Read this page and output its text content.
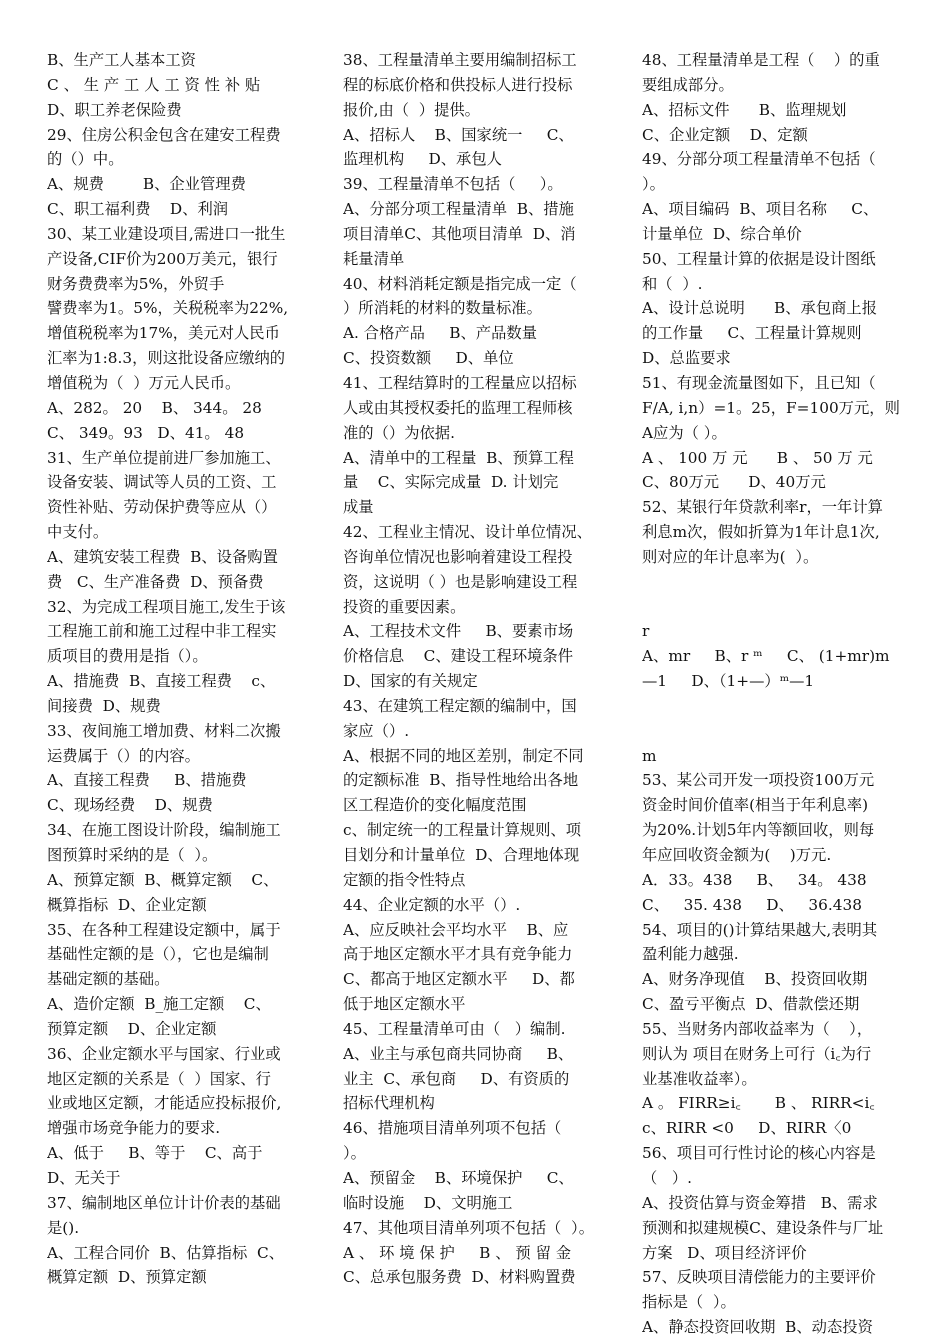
B、生产工人基本工资
C 、 生 产 工 人 工 资 性 补 贴
D、职工养老保险费
29、住房公积金包含在建安工程费
的（）中。
A、规费        B、企业管理费
C、职工福利费    D、利润
30、某工业建设项目,需进口一批生
产设备,CIF价为200万美元，银行
财务费费率为5%，外贸手
譬费率为1。5%，关税税率为22%,
增值税税率为17%，美元对人民币
汇率为1:8.3，则这批设备应缴纳的
增值税为（  ）万元人民币。
A、282。 20    B、 344。 28
C、 349。93   D、41。 48
31、生产单位提前进厂参加施工、
设备安装、调试等人员的工资、工
资性补贴、劳动保护费等应从（）
中支付。
A、建筑安装工程费  B、设备购置
费   C、生产准备费  D、预备费
32、为完成工程项目施工,发生于该
工程施工前和施工过程中非工程实
质项目的费用是指（）。
A、措施费  B、直接工程费    c、
间接费  D、规费
33、夜间施工增加费、材料二次搬
运费属于（）的内容。
A、直接工程费     B、措施费
C、现场经费    D、规费
34、在施工图设计阶段，编制施工
图预算时采纳的是（  ）。
A、预算定额  B、概算定额    C、
概算指标  D、企业定额
35、在各种工程建设定额中，属于
基础性定额的是（），它也是编制
基础定额的基础。
A、造价定额  B_施工定额    C、
预算定额    D、企业定额
36、企业定额水平与国家、行业或
地区定额的关系是（  ）国家、行
业或地区定额，才能适应投标报价,
增强市场竞争能力的要求.
A、低于     B、等于    C、高于
D、无关于
37、编制地区单位计计价表的基础
是().
A、工程合同价  B、估算指标  C、
概算定额  D、预算定额
38、工程量清单主要用编制招标工
程的标底价格和供投标人进行投标
报价,由（  ）提供。
A、招标人    B、国家统一     C、
监理机构     D、承包人
39、工程量清单不包括（     ）。
A、分部分项工程量清单  B、措施
项目清单C、其他项目清单  D、消
耗量清单
40、材料消耗定额是指完成一定（
）所消耗的材料的数量标准。
A. 合格产品     B、产品数量
C、投资数额     D、单位
41、工程结算时的工程量应以招标
人或由其授权委托的监理工程师核
准的（）为依据.
A、清单中的工程量  B、预算工程
量    C、实际完成量  D. 计划完
成量
42、工程业主情况、设计单位情况、
咨询单位情况也影响着建设工程投
资，这说明（ ）也是影响建设工程
投资的重要因素。
A、工程技术文件     B、要素市场
价格信息    C、建设工程环境条件
D、国家的有关规定
43、在建筑工程定额的编制中，国
家应（）.
A、根据不同的地区差别，制定不同
的定额标准  B、指导性地给出各地
区工程造价的变化幅度范围
c、制定统一的工程量计算规则、项
目划分和计量单位  D、合理地体现
定额的指令性特点
44、企业定额的水平（）.
A、应反映社会平均水平    B、应
高于地区定额水平才具有竞争能力
C、都高于地区定额水平     D、都
低于地区定额水平
45、工程量清单可由（   ）编制.
A、业主与承包商共同协商     B、
业主  C、承包商     D、有资质的
招标代理机构
46、措施项目清单列项不包括（
）。
A、预留金    B、环境保护     C、
临时设施    D、文明施工
47、其他项目清单列项不包括（  ）。
A 、 环 境 保 护     B 、 预 留 金
C、总承包服务费  D、材料购置费
48、工程量清单是工程（    ）的重
要组成部分。
A、招标文件      B、监理规划
C、企业定额    D、定额
49、分部分项工程量清单不包括（
）。
A、项目编码  B、项目名称     C、
计量单位  D、综合单价
50、工程量计算的依据是设计图纸
和（  ）.
A、设计总说明      B、承包商上报
的工作量     C、工程量计算规则
D、总监要求
51、有现金流量图如下，且已知（
F/A, i,n）=1。25，F=100万元，则
A应为（ ）。
A 、 100 万 元      B 、 50 万 元
C、80万元      D、40万元
52、某银行年贷款利率r，一年计算
利息m次，假如折算为1年计息1次,
则对应的年计息率为(  ）。
r
A、mr     B、r ᵐ     C、 (1+mr)m
—1     D、（1+—）ᵐ—1
m
53、某公司开发一项投资100万元
资金时间价值率(相当于年利息率)
为20%.计划5年内等额回收，则每
年应回收资金额为(    )万元.
A．33。438     B、   34。 438
C、   35. 438     D、   36.438
54、项目的()计算结果越大,表明其
盈利能力越强.
A、财务净现值    B、投资回收期
C、盈亏平衡点  D、借款偿还期
55、当财务内部收益率为（    ），
则认为 项目在财务上可行（i꜀为行
业基准收益率）。
A 。 FIRR≥i꜀       B 、 RIRR<i꜀
c、RIRR <0     D、RIRR〈0
56、项目可行性讨论的核心内容是
（   ）.
A、投资估算与资金筹措   B、需求
预测和拟建规模C、建设条件与厂址
方案   D、项目经济评价
57、反映项目清偿能力的主要评价
指标是（  ）。
A、静态投资回收期  B、动态投资
